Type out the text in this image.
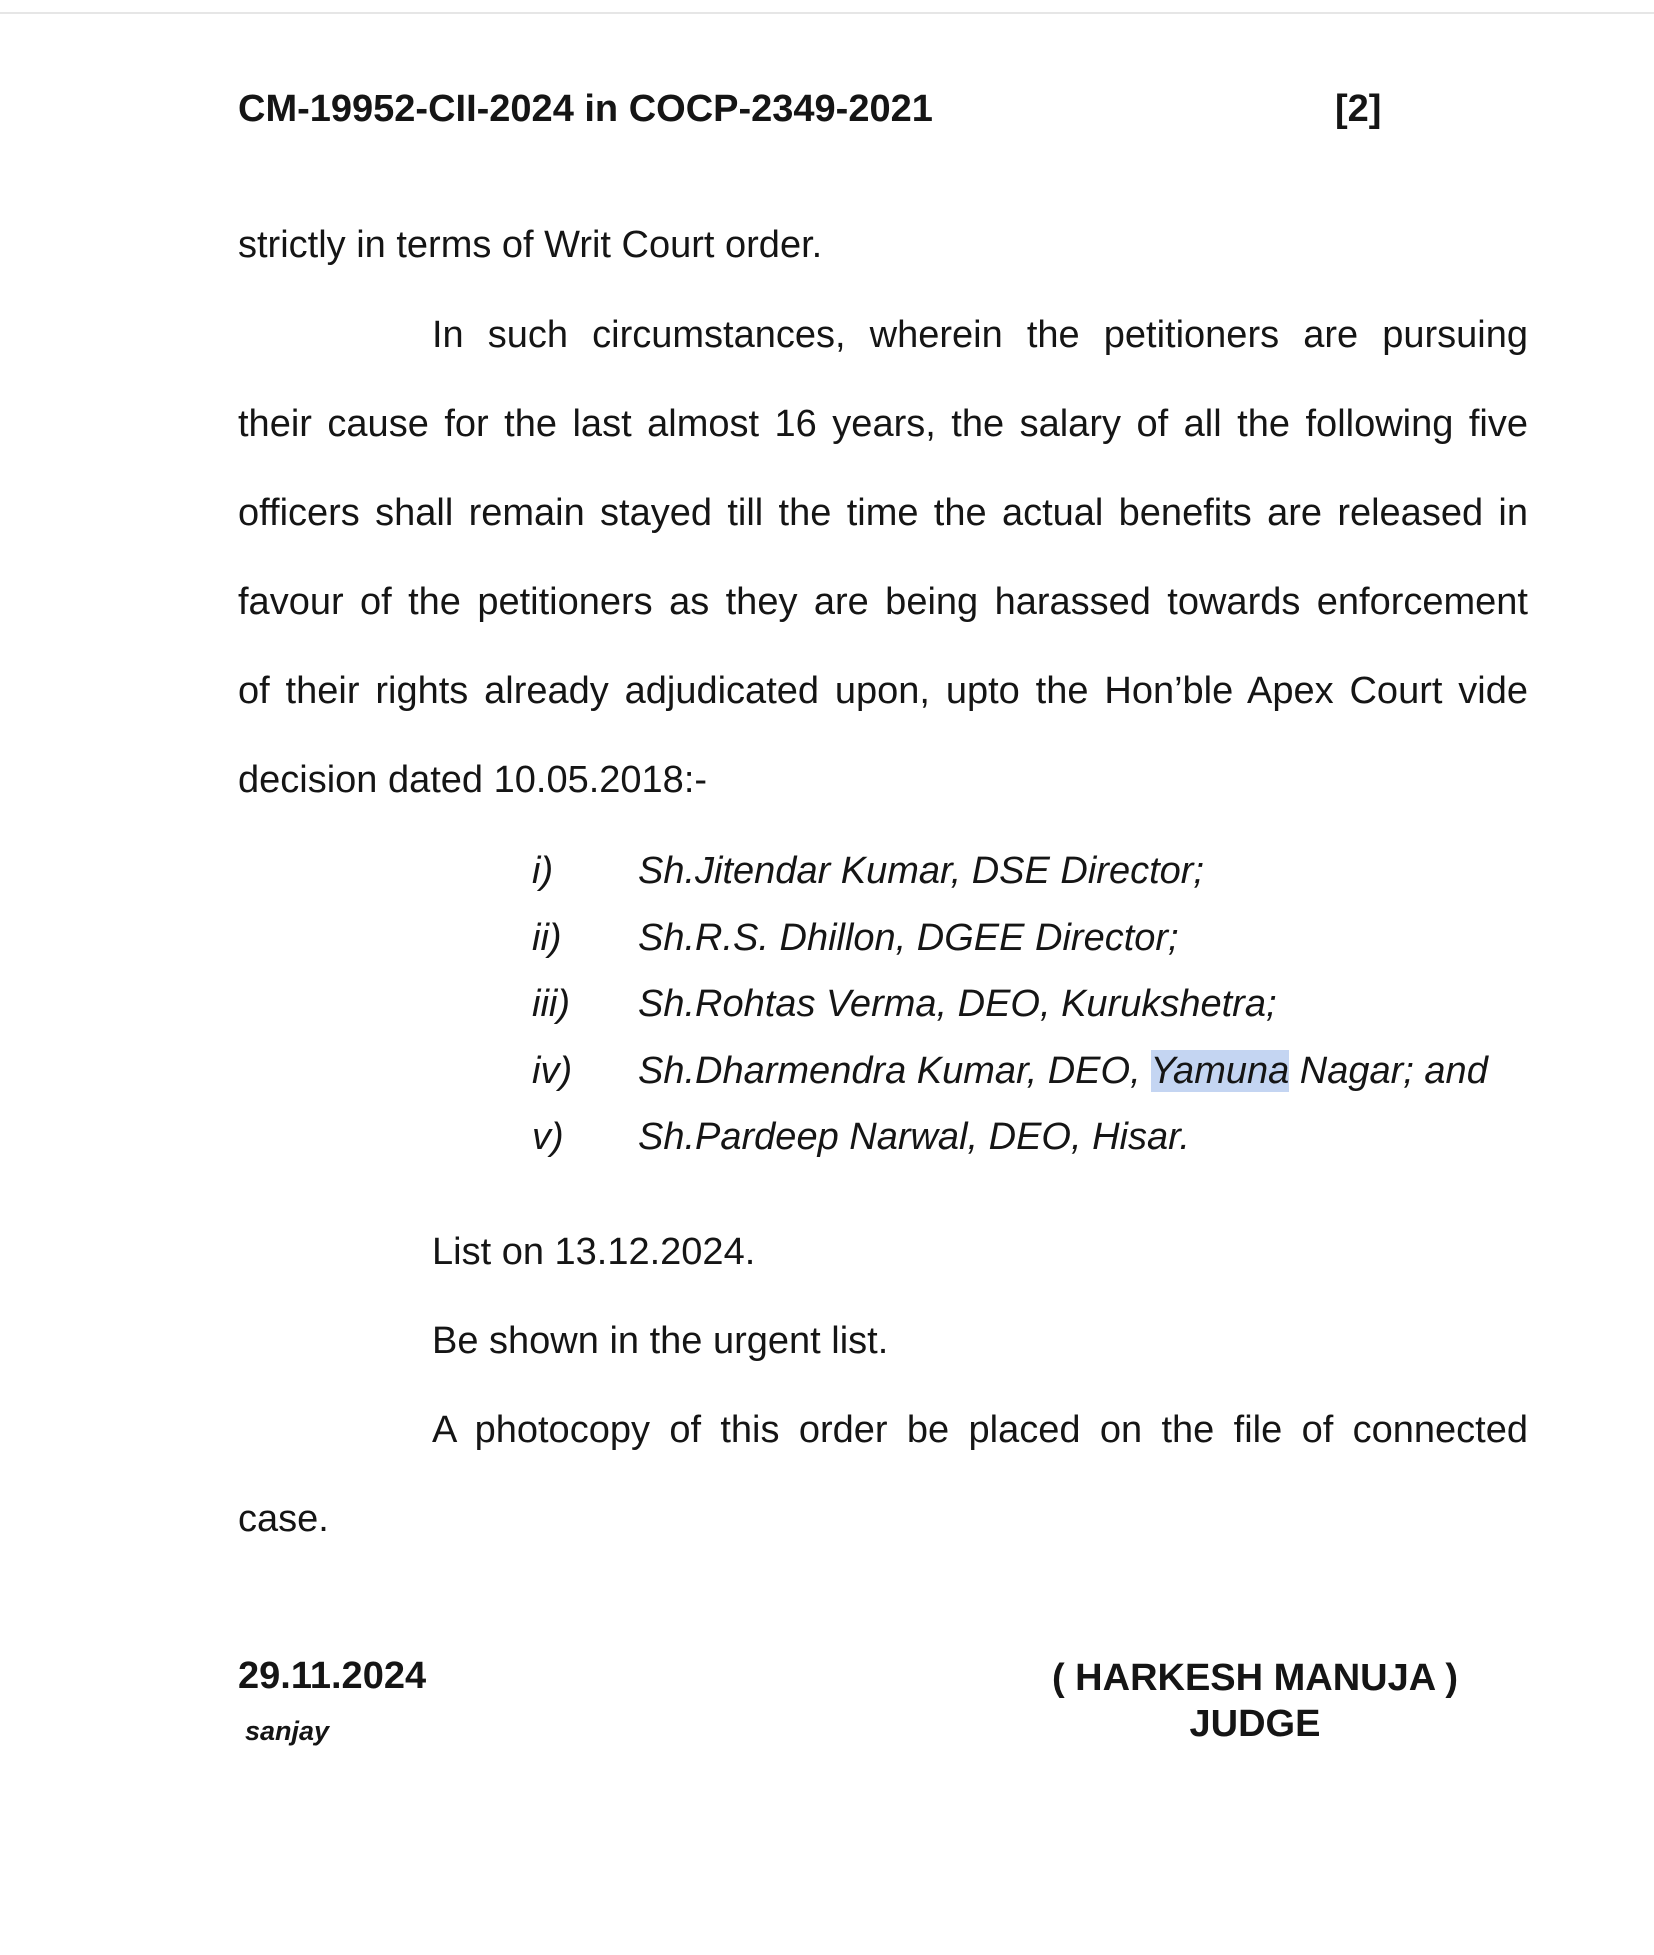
CM-19952-CII-2024 in COCP-2349-2021	[2]
strictly in terms of Writ Court order.
In such circumstances, wherein the petitioners are pursuing
their cause for the last almost 16 years, the salary of all the following five
officers shall remain stayed till the time the actual benefits are released in
favour of the petitioners as they are being harassed towards enforcement
of their rights already adjudicated upon, upto the Hon’ble Apex Court vide
decision dated 10.05.2018:-
i) Sh.Jitendar Kumar, DSE Director;
ii) Sh.R.S. Dhillon, DGEE Director;
iii) Sh.Rohtas Verma, DEO, Kurukshetra;
iv) Sh.Dharmendra Kumar, DEO, Yamuna Nagar; and
v) Sh.Pardeep Narwal, DEO, Hisar.
List on 13.12.2024.
Be shown in the urgent list.
A photocopy of this order be placed on the file of connected
case.
29.11.2024
sanjay
( HARKESH MANUJA )
JUDGE
